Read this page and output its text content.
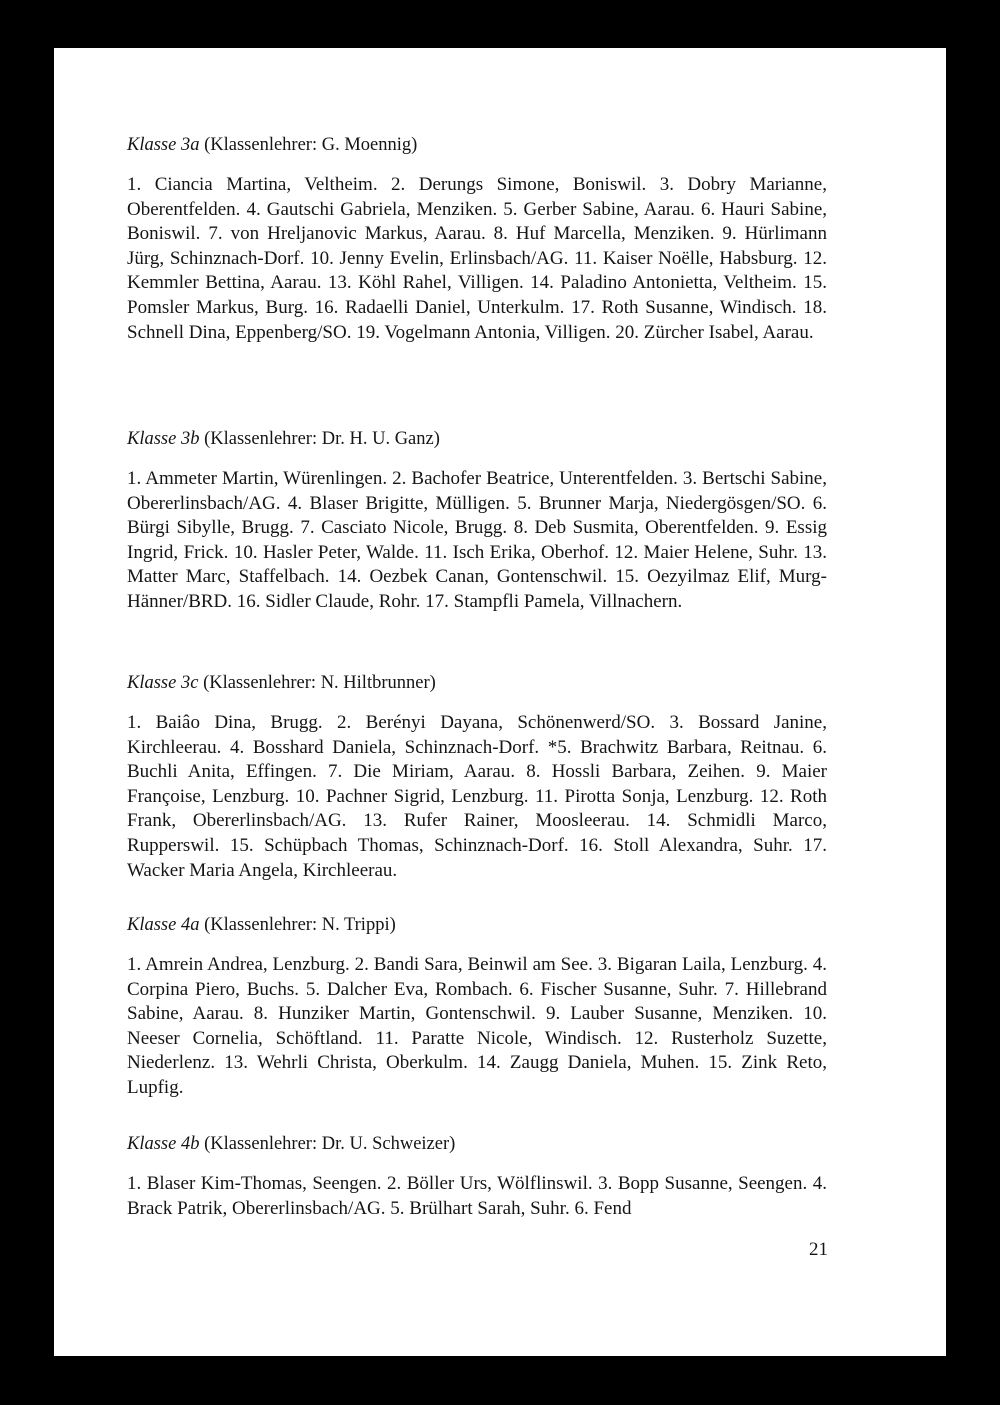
Klasse 3a (Klassenlehrer: G. Moennig)

1. Ciancia Martina, Veltheim. 2. Derungs Simone, Boniswil. 3. Dobry Marianne, Oberentfelden. 4. Gautschi Gabriela, Menziken. 5. Gerber Sabine, Aarau. 6. Hauri Sabine, Boniswil. 7. von Hreljanovic Markus, Aarau. 8. Huf Marcella, Menziken. 9. Hürlimann Jürg, Schinznach-Dorf. 10. Jenny Evelin, Erlinsbach/AG. 11. Kaiser Noëlle, Habsburg. 12. Kemmler Bettina, Aarau. 13. Köhl Rahel, Villigen. 14. Paladino Antonietta, Veltheim. 15. Pomsler Markus, Burg. 16. Radaelli Daniel, Unterkulm. 17. Roth Susanne, Windisch. 18. Schnell Dina, Eppenberg/SO. 19. Vogelmann Antonia, Villigen. 20. Zürcher Isabel, Aarau.

Klasse 3b (Klassenlehrer: Dr. H. U. Ganz)

1. Ammeter Martin, Würenlingen. 2. Bachofer Beatrice, Unterentfelden. 3. Bertschi Sabine, Obererlinsbach/AG. 4. Blaser Brigitte, Mülligen. 5. Brunner Marja, Niedergösgen/SO. 6. Bürgi Sibylle, Brugg. 7. Casciato Nicole, Brugg. 8. Deb Susmita, Oberentfelden. 9. Essig Ingrid, Frick. 10. Hasler Peter, Walde. 11. Isch Erika, Oberhof. 12. Maier Helene, Suhr. 13. Matter Marc, Staffelbach. 14. Oezbek Canan, Gontenschwil. 15. Oezyilmaz Elif, Murg-Hänner/BRD. 16. Sidler Claude, Rohr. 17. Stampfli Pamela, Villnachern.

Klasse 3c (Klassenlehrer: N. Hiltbrunner)

1. Baiâo Dina, Brugg. 2. Berényi Dayana, Schönenwerd/SO. 3. Bossard Janine, Kirchleerau. 4. Bosshard Daniela, Schinznach-Dorf. *5. Brachwitz Barbara, Reitnau. 6. Buchli Anita, Effingen. 7. Die Miriam, Aarau. 8. Hossli Barbara, Zeihen. 9. Maier Françoise, Lenzburg. 10. Pachner Sigrid, Lenzburg. 11. Pirotta Sonja, Lenzburg. 12. Roth Frank, Obererlinsbach/AG. 13. Rufer Rainer, Moosleerau. 14. Schmidli Marco, Rupperswil. 15. Schüpbach Thomas, Schinznach-Dorf. 16. Stoll Alexandra, Suhr. 17. Wacker Maria Angela, Kirchleerau.

Klasse 4a (Klassenlehrer: N. Trippi)

1. Amrein Andrea, Lenzburg. 2. Bandi Sara, Beinwil am See. 3. Bigaran Laila, Lenzburg. 4. Corpina Piero, Buchs. 5. Dalcher Eva, Rombach. 6. Fischer Susanne, Suhr. 7. Hillebrand Sabine, Aarau. 8. Hunziker Martin, Gontenschwil. 9. Lauber Susanne, Menziken. 10. Neeser Cornelia, Schöftland. 11. Paratte Nicole, Windisch. 12. Rusterholz Suzette, Niederlenz. 13. Wehrli Christa, Oberkulm. 14. Zaugg Daniela, Muhen. 15. Zink Reto, Lupfig.

Klasse 4b (Klassenlehrer: Dr. U. Schweizer)

1. Blaser Kim-Thomas, Seengen. 2. Böller Urs, Wölflinswil. 3. Bopp Susanne, Seengen. 4. Brack Patrik, Obererlinsbach/AG. 5. Brülhart Sarah, Suhr. 6. Fend

21
